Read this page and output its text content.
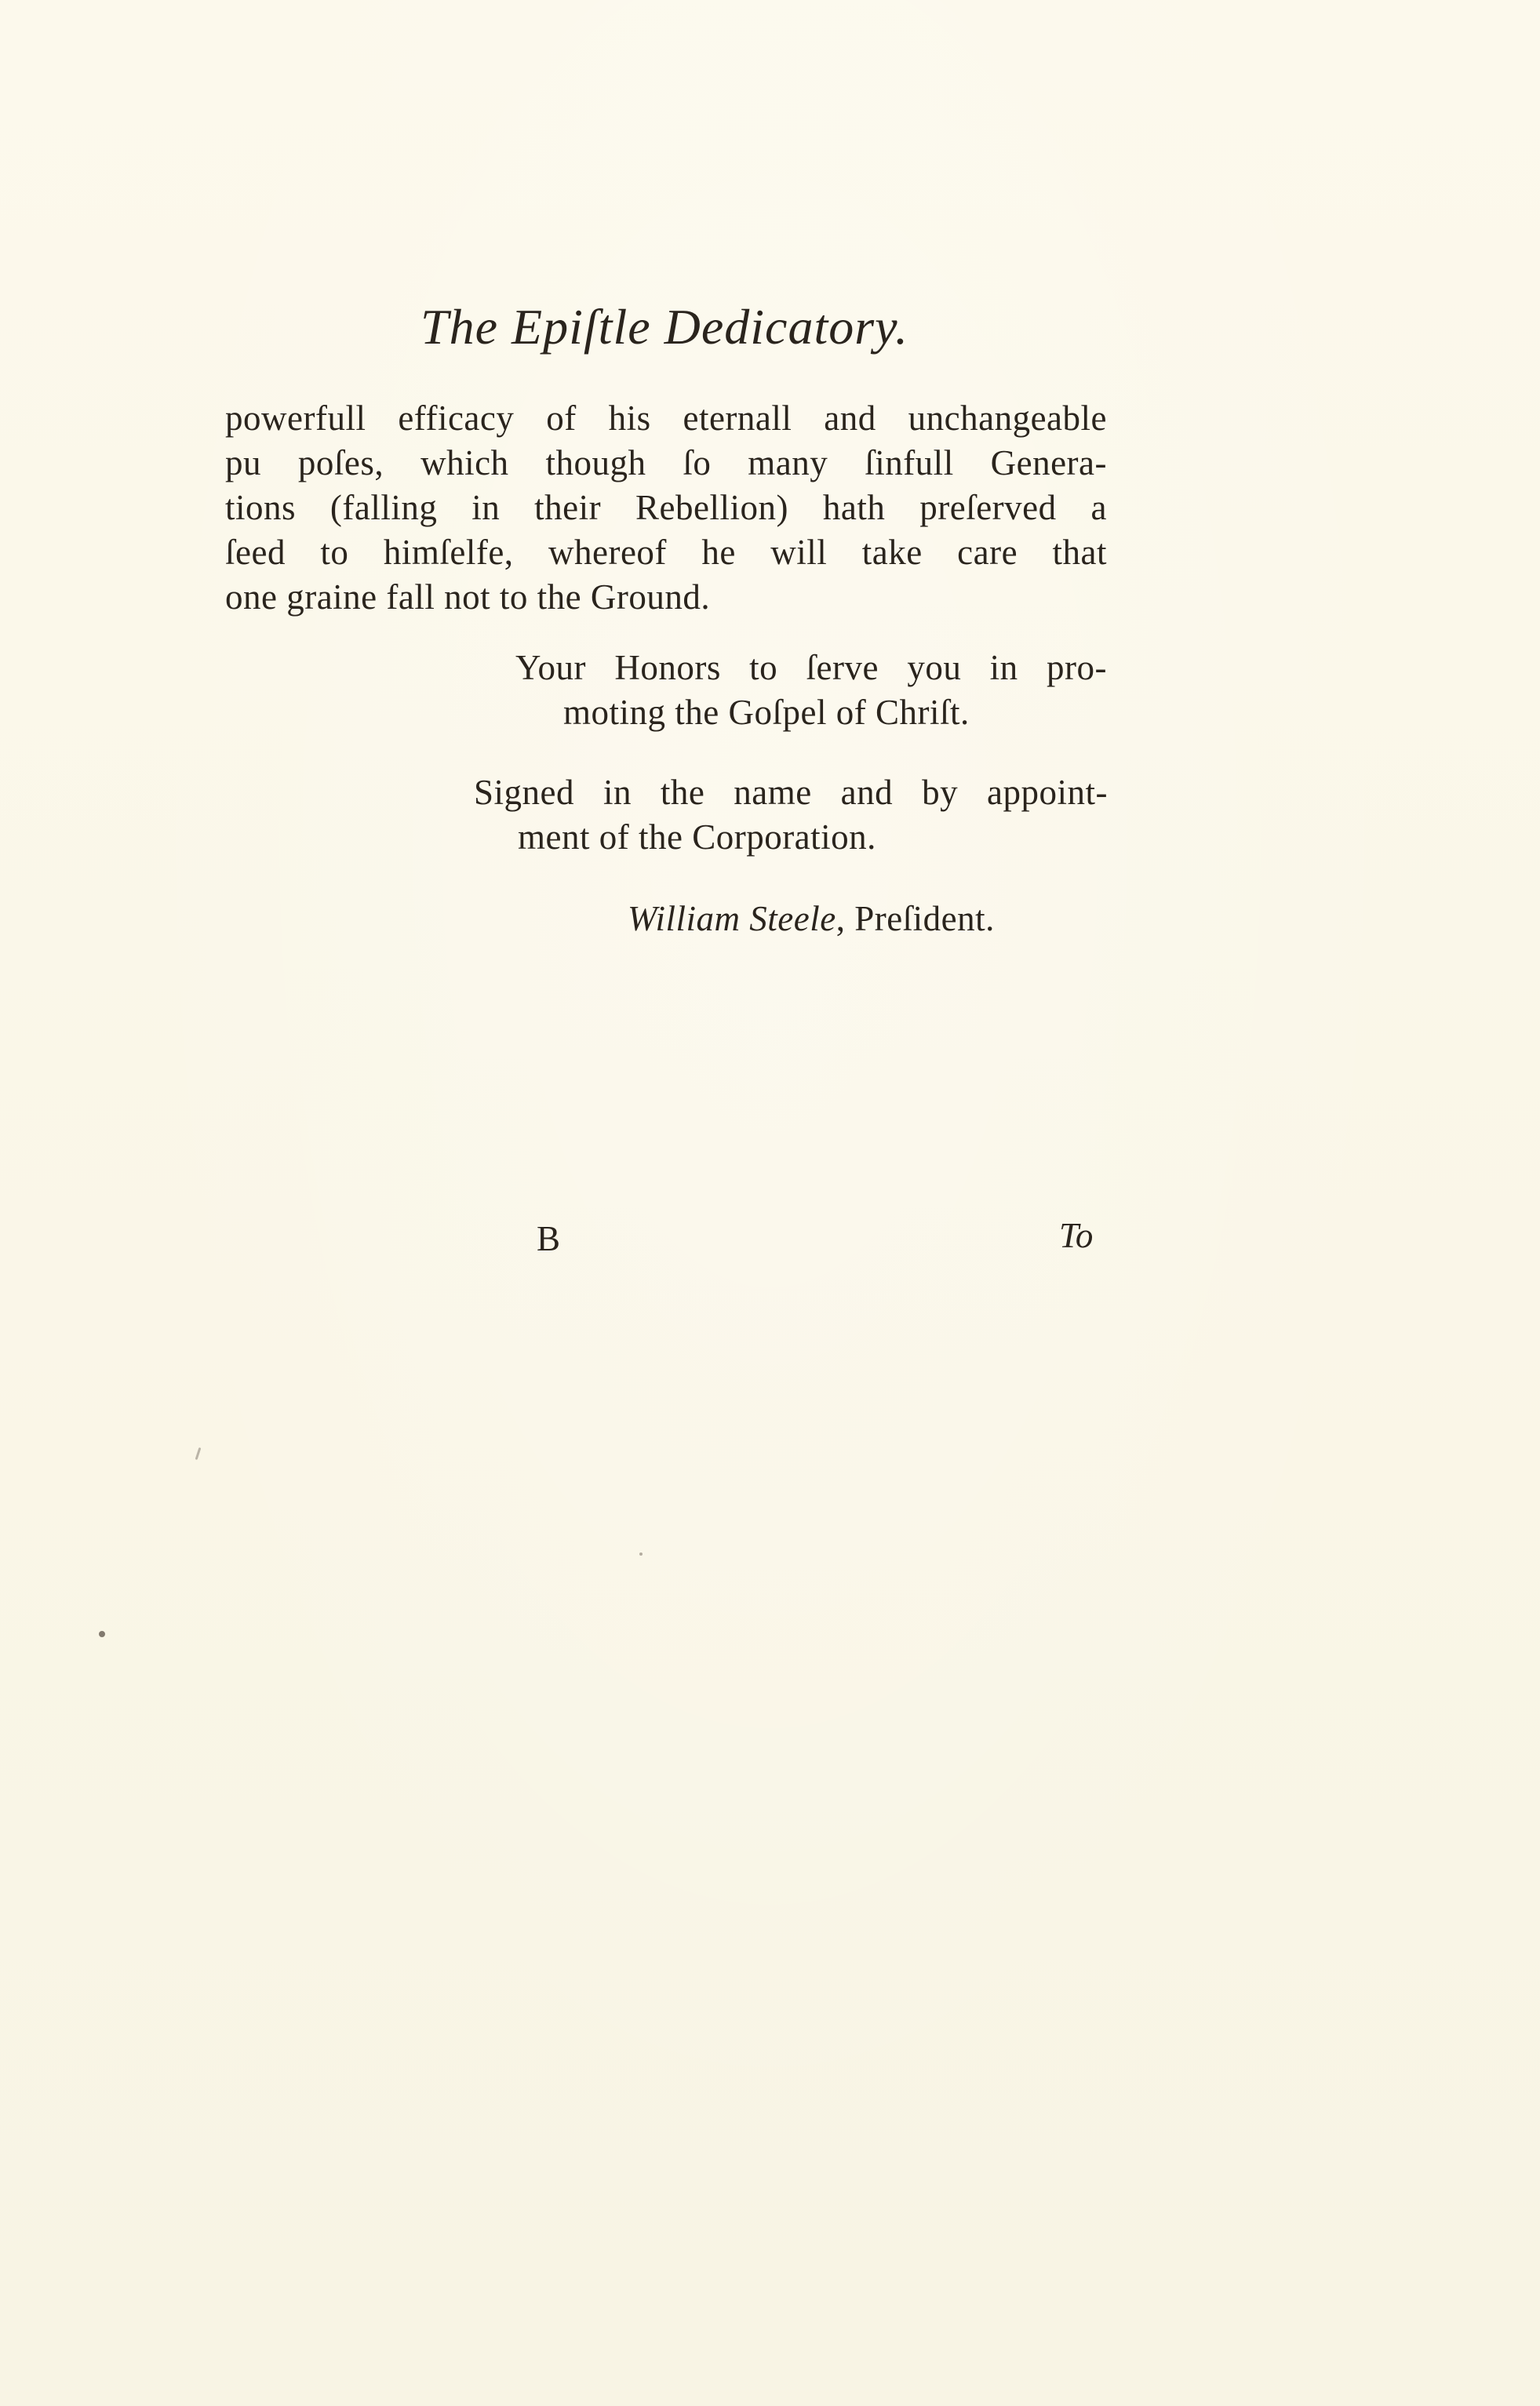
The Epiſtle Dedicatory.
powerfull efficacy of his eternall and unchangeable
pu poſes, which though ſo many ſinfull Genera-
tions (falling in their Rebellion) hath preſerved a
ſeed to himſelfe, whereof he will take care that
one graine fall not to the Ground.
Your Honors to ſerve you in pro-
moting the Goſpel of Chriſt.
Signed in the name and by appoint-
ment of the Corporation.
William Steele, Preſident.
B	To
